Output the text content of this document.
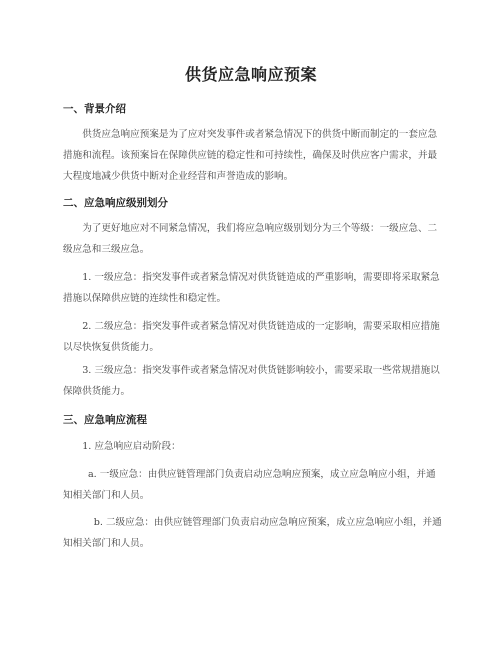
供货应急响应预案
一、背景介绍

供货应急响应预案是为了应对突发事件或者紧急情况下的供货中断而制定的一套应急措施和流程。该预案旨在保障供应链的稳定性和可持续性，确保及时供应客户需求，并最大程度地减少供货中断对企业经营和声誉造成的影响。

二、应急响应级别划分

为了更好地应对不同紧急情况，我们将应急响应级别划分为三个等级：一级应急、二级应急和三级应急。

1. 一级应急：指突发事件或者紧急情况对供货链造成的严重影响，需要即将采取紧急措施以保障供应链的连续性和稳定性。

2. 二级应急：指突发事件或者紧急情况对供货链造成的一定影响，需要采取相应措施以尽快恢复供货能力。

3. 三级应急：指突发事件或者紧急情况对供货链影响较小，需要采取一些常规措施以保障供货能力。

三、应急响应流程

1. 应急响应启动阶段：

a. 一级应急：由供应链管理部门负责启动应急响应预案，成立应急响应小组，并通知相关部门和人员。

b. 二级应急：由供应链管理部门负责启动应急响应预案，成立应急响应小组，并通知相关部门和人员。
